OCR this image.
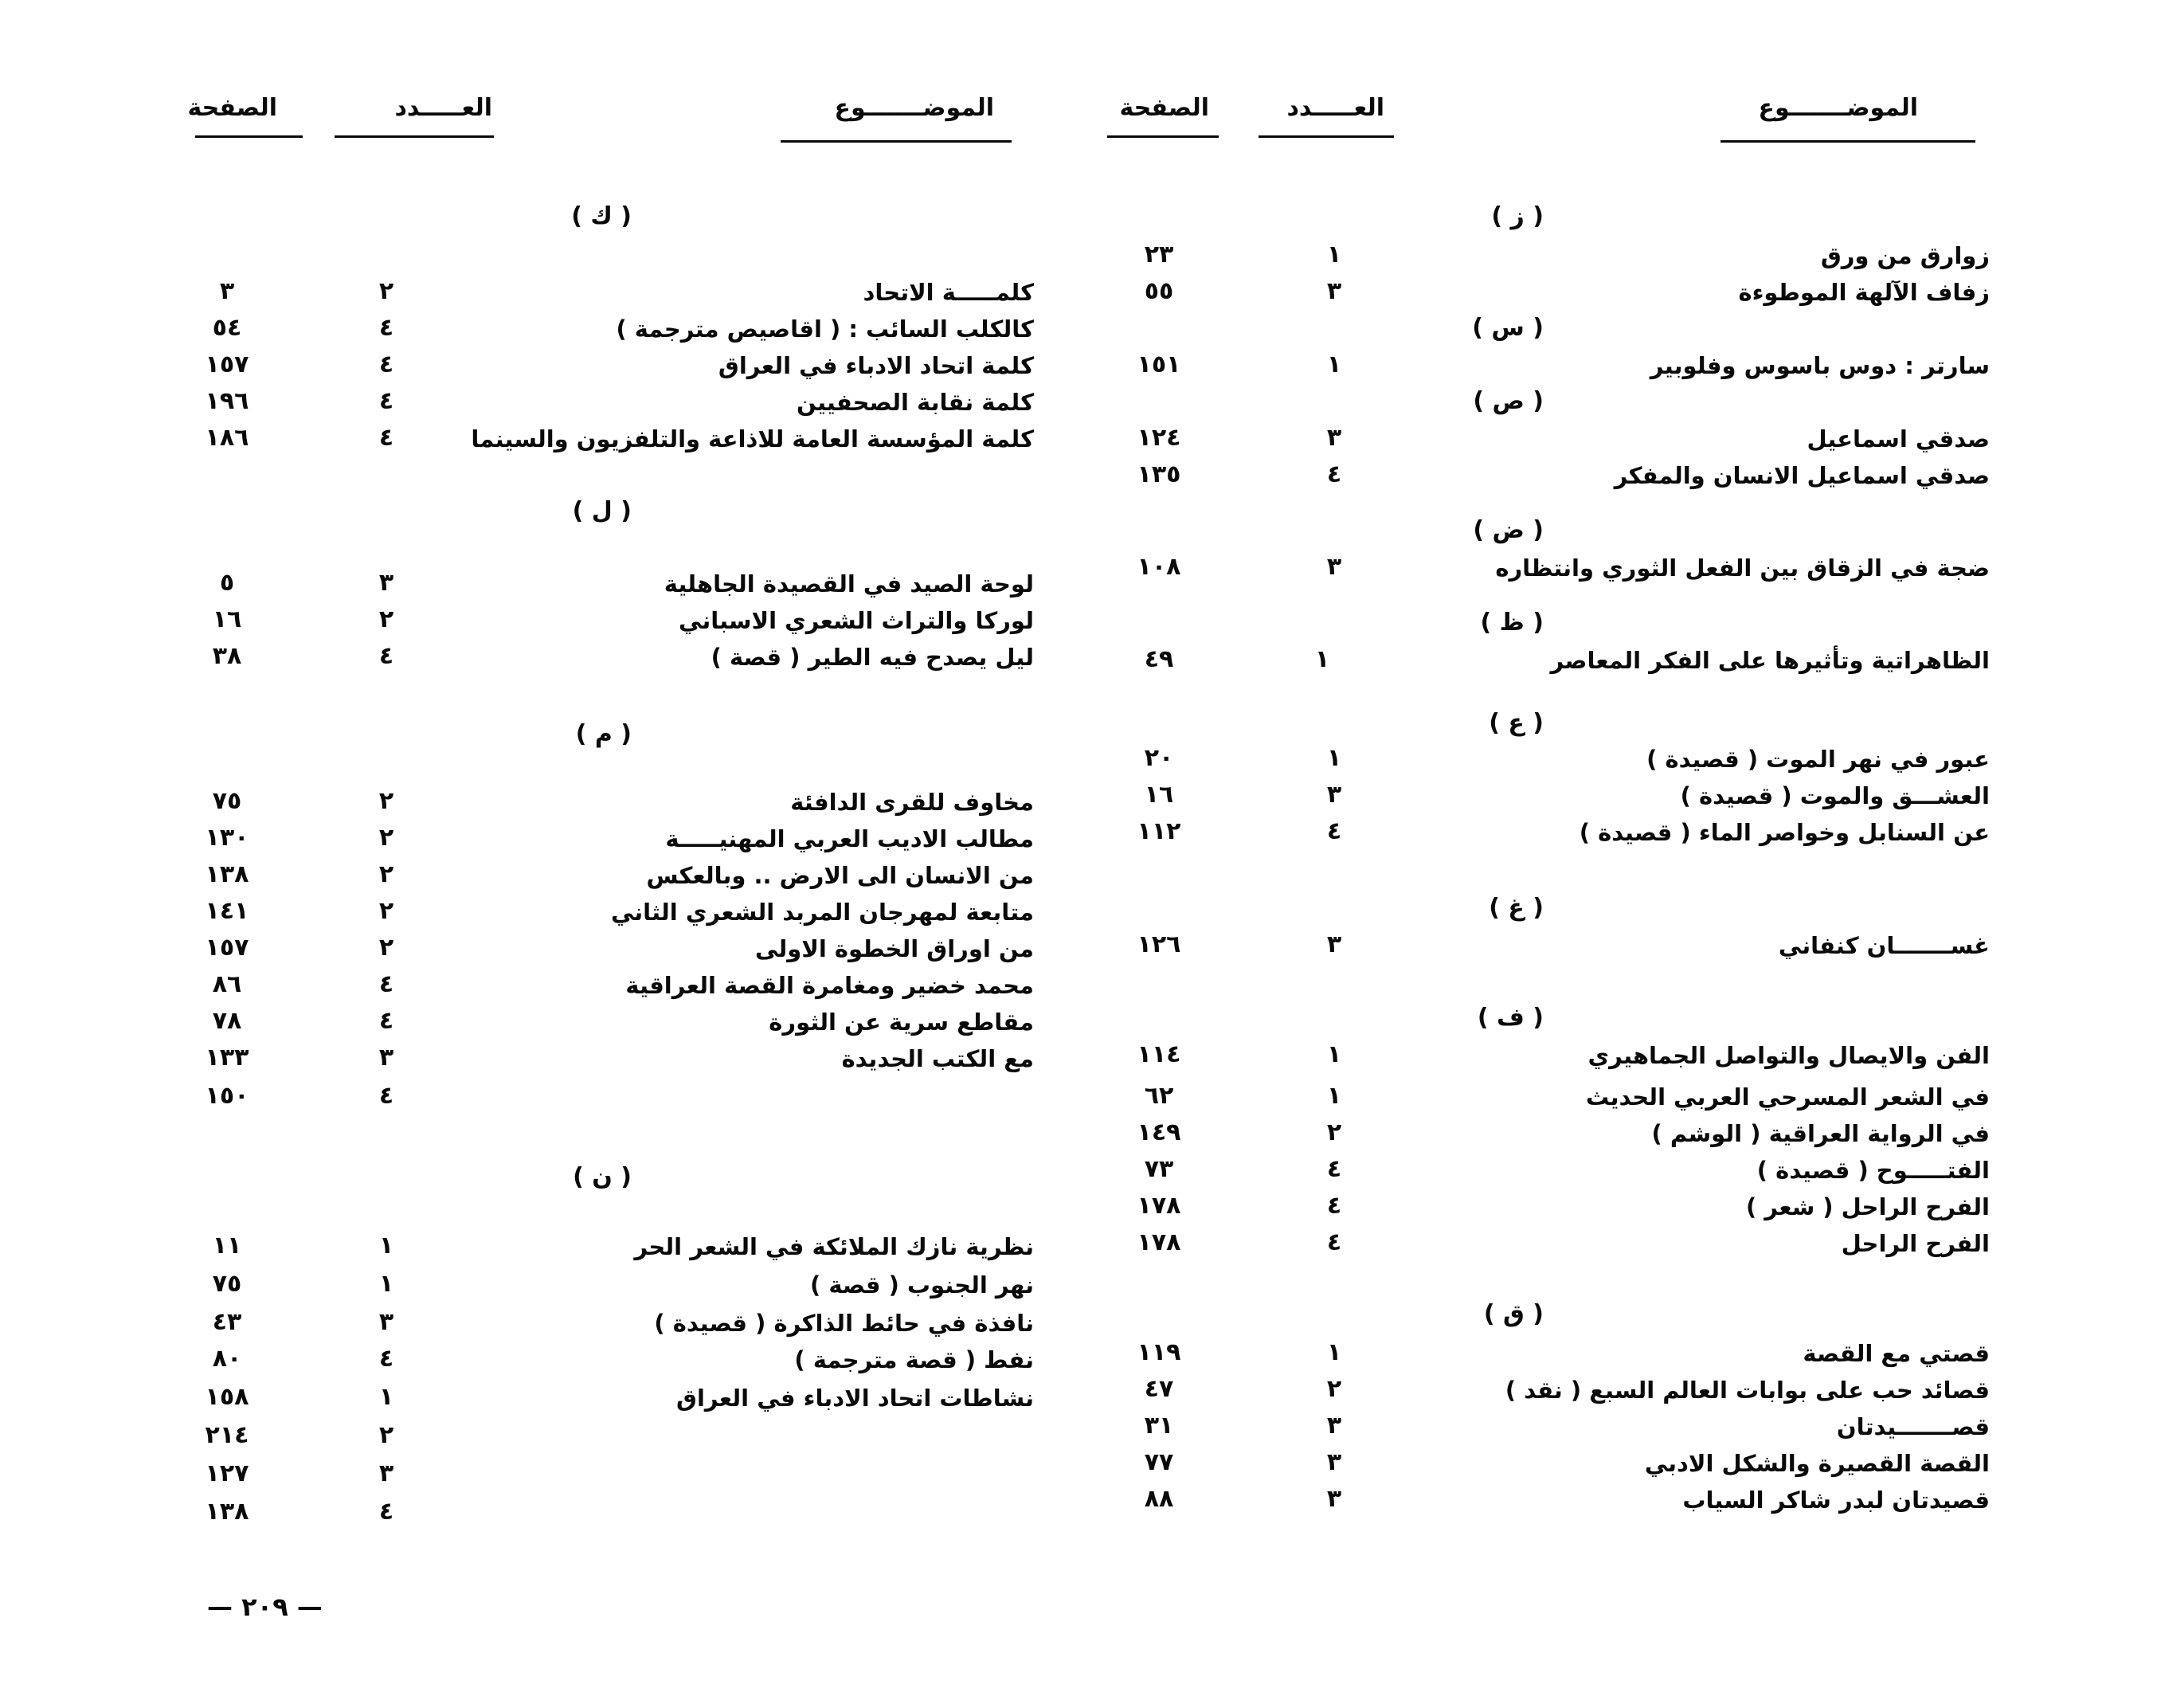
الموضـــــــوع
العـــــدد
الصفحة
الموضـــــــوع
العـــــدد
الصفحة
( ز )
( س )
( ص )
( ض )
( ظ )
( ع )
( غ )
( ف )
( ق )
زوارق من ورق
١
٢٣
زفاف الآلهة الموطوءة
٣
٥٥
سارتر : دوس باسوس وفلوبير
١
١٥١
صدقي اسماعيل
٣
١٢٤
صدقي اسماعيل الانسان والمفكر
٤
١٣٥
ضجة في الزقاق بين الفعل الثوري وانتظاره
٣
١٠٨
الظاهراتية وتأثيرها على الفكر المعاصر
١
٤٩
عبور في نهر الموت ( قصيدة )
١
٢٠
العشـــق والموت ( قصيدة )
٣
١٦
عن السنابل وخواصر الماء ( قصيدة )
٤
١١٢
غســـــــان كنفاني
٣
١٢٦
الفن والايصال والتواصل الجماهيري
١
١١٤
في الشعر المسرحي العربي الحديث
١
٦٢
في الرواية العراقية ( الوشم )
٢
١٤٩
الفتـــــوح ( قصيدة )
٤
٧٣
الفرح الراحل ( شعر )
٤
١٧٨
الفرح الراحل
٤
١٧٨
قصتي مع القصة
١
١١٩
قصائد حب على بوابات العالم السبع ( نقد )
٢
٤٧
قصـــــــيدتان
٣
٣١
القصة القصيرة والشكل الادبي
٣
٧٧
قصيدتان لبدر شاكر السياب
٣
٨٨
( ك )
( ل )
( م )
( ن )
كلمـــــة الاتحاد
٢
٣
كالكلب السائب : ( اقاصيص مترجمة )
٤
٥٤
كلمة اتحاد الادباء في العراق
٤
١٥٧
كلمة نقابة الصحفيين
٤
١٩٦
كلمة المؤسسة العامة للاذاعة والتلفزيون والسينما
٤
١٨٦
لوحة الصيد في القصيدة الجاهلية
٣
٥
لوركا والتراث الشعري الاسباني
٢
١٦
ليل يصدح فيه الطير ( قصة )
٤
٣٨
مخاوف للقرى الدافئة
٢
٧٥
مطالب الاديب العربي المهنيـــــة
٢
١٣٠
من الانسان الى الارض .. وبالعكس
٢
١٣٨
متابعة لمهرجان المربد الشعري الثاني
٢
١٤١
من اوراق الخطوة الاولى
٢
١٥٧
محمد خضير ومغامرة القصة العراقية
٤
٨٦
مقاطع سرية عن الثورة
٤
٧٨
مع الكتب الجديدة
٣
١٣٣
٤
١٥٠
نظرية نازك الملائكة في الشعر الحر
١
١١
نهر الجنوب ( قصة )
١
٧٥
نافذة في حائط الذاكرة ( قصيدة )
٣
٤٣
نفط ( قصة مترجمة )
٤
٨٠
نشاطات اتحاد الادباء في العراق
١
١٥٨
٢
٢١٤
٣
١٢٧
٤
١٣٨
— ٢٠٩ —
